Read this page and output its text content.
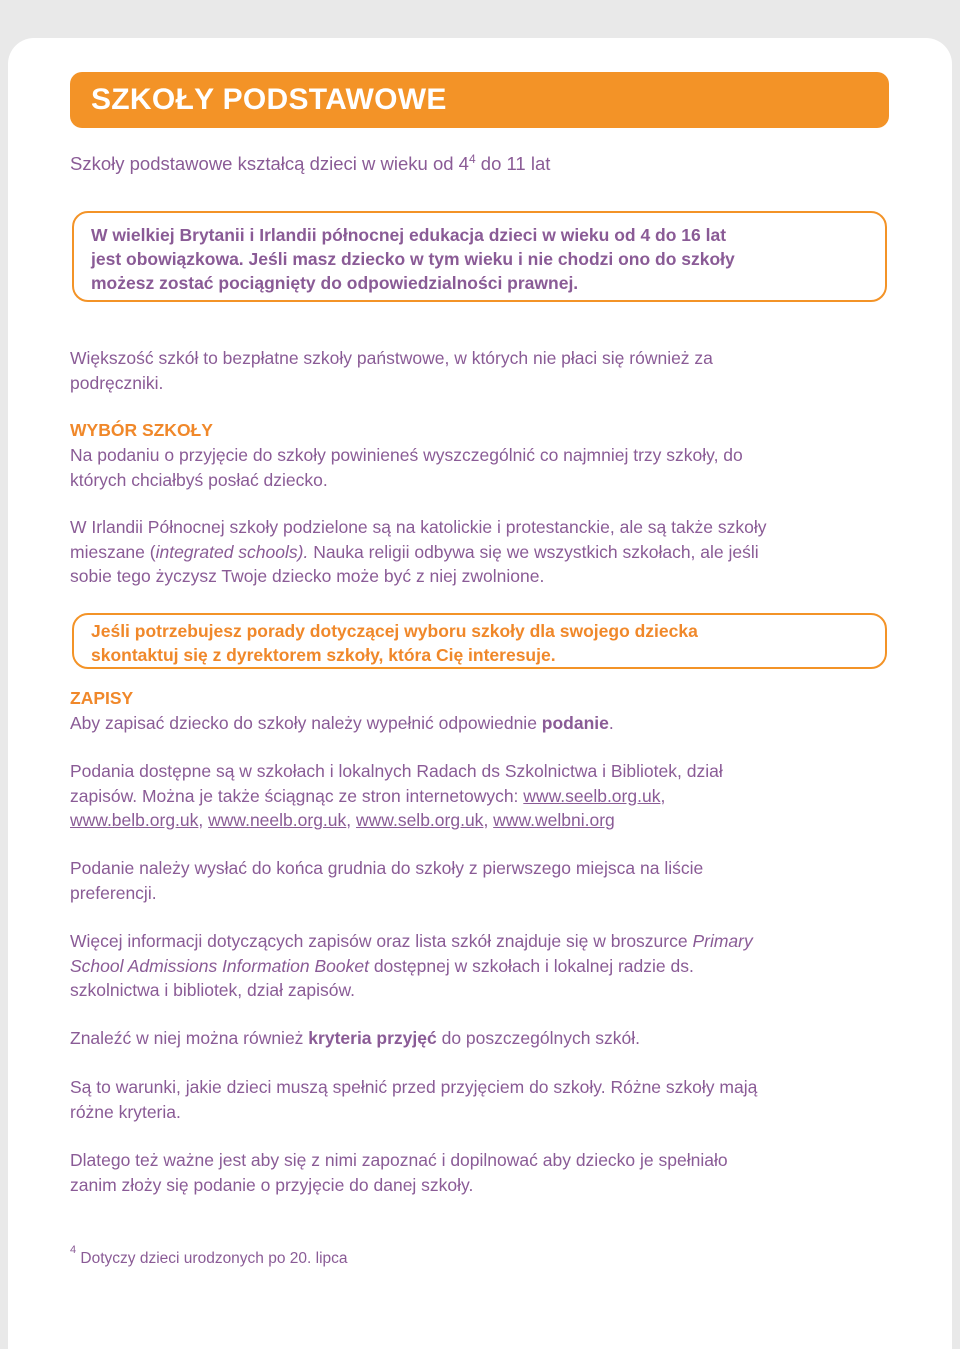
SZKOŁY PODSTAWOWE
Szkoły podstawowe kształcą dzieci w wieku od $4^4$ do 11 lat
W wielkiej Brytanii i Irlandii północnej edukacja dzieci w wieku od 4 do 16 lat
jest obowiązkowa. Jeśli masz dziecko w tym wieku i nie chodzi ono do szkoły
możesz zostać pociągnięty do odpowiedzialności prawnej.
Większość szkół to bezpłatne szkoły państwowe, w których nie płaci się również za
podręczniki.
WYBÓR SZKOŁY
Na podaniu o przyjęcie do szkoły powinieneś wyszczególnić co najmniej trzy szkoły, do
których chciałbyś posłać dziecko.
W Irlandii Północnej szkoły podzielone są na katolickie i protestanckie, ale są także szkoły
mieszane (integrated schools). Nauka religii odbywa się we wszystkich szkołach, ale jeśli
sobie tego życzysz Twoje dziecko może być z niej zwolnione.
Jeśli potrzebujesz porady dotyczącej wyboru szkoły dla swojego dziecka
skontaktuj się z dyrektorem szkoły, która Cię interesuje.
ZAPISY
Aby zapisać dziecko do szkoły należy wypełnić odpowiednie podanie.
Podania dostępne są w szkołach i lokalnych Radach ds Szkolnictwa i Bibliotek, dział
zapisów. Można je także ściągnąc ze stron internetowych: www.seelb.org.uk,
www.belb.org.uk, www.neelb.org.uk, www.selb.org.uk, www.welbni.org
Podanie należy wysłać do końca grudnia do szkoły z pierwszego miejsca na liście
preferencji.
Więcej informacji dotyczących zapisów oraz lista szkół znajduje się w broszurce Primary
School Admissions Information Booket dostępnej w szkołach i lokalnej radzie ds.
szkolnictwa i bibliotek, dział zapisów.
Znaleźć w niej można również kryteria przyjęć do poszczególnych szkół.
Są to warunki, jakie dzieci muszą spełnić przed przyjęciem do szkoły. Różne szkoły mają
różne kryteria.
Dlatego też ważne jest aby się z nimi zapoznać i dopilnować aby dziecko je spełniało
zanim złoży się podanie o przyjęcie do danej szkoły.
$^4$ Dotyczy dzieci urodzonych po 20. lipca
